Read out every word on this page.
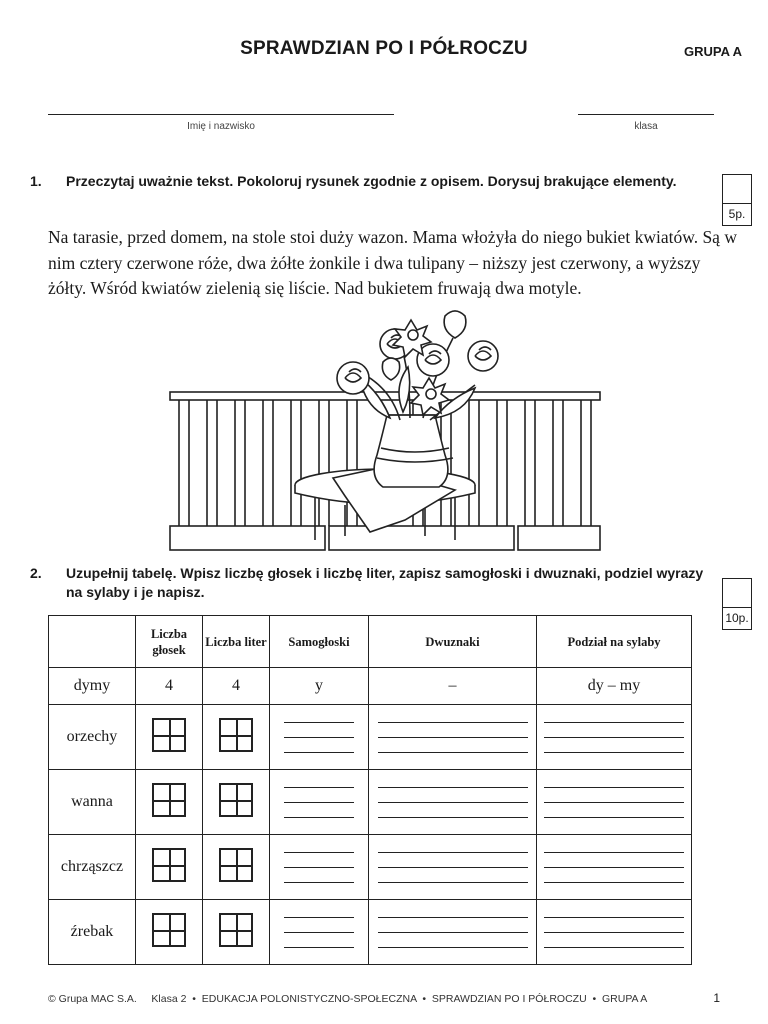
SPRAWDZIAN PO I PÓŁROCZU	GRUPA A
Imię i nazwisko	klasa
1. Przeczytaj uważnie tekst. Pokoloruj rysunek zgodnie z opisem. Dorysuj brakujące elementy.
5p.
Na tarasie, przed domem, na stole stoi duży wazon. Mama włożyła do niego bukiet kwiatów. Są w nim cztery czerwone róże, dwa żółte żonkile i dwa tulipany – niższy jest czerwony, a wyższy żółty. Wśród kwiatów zielenią się liście. Nad bukietem fruwają dwa motyle.
2. Uzupełnij tabelę. Wpisz liczbę głosek i liczbę liter, zapisz samogłoski i dwuznaki, podziel wyrazy na sylaby i je napisz.
10p.
	Liczba głosek	Liczba liter	Samogłoski	Dwuznaki	Podział na sylaby
dymy	4	4	y	–	dy – my
orzechy			

wanna			

chrząszcz			

źrebak			

© Grupa MAC S.A.     Klasa 2  •  EDUKACJA POLONISTYCZNO-SPOŁECZNA  •  SPRAWDZIAN PO I PÓŁROCZU  •  GRUPA A	1
